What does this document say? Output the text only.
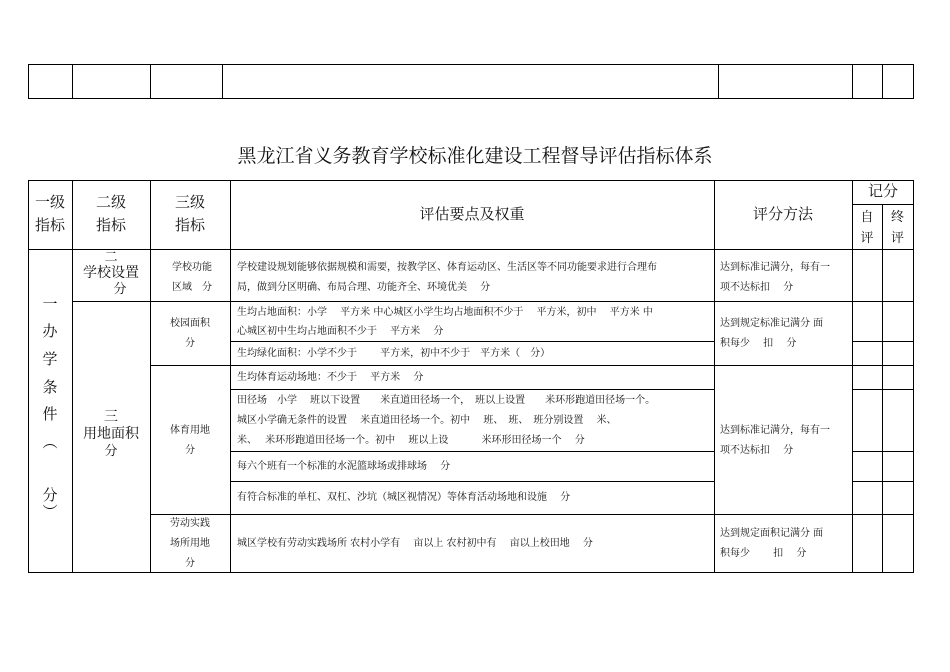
黑龙江省义务教育学校标准化建设工程督导评估指标体系
一级
指标
二级
指标
三级
指标
评估要点及权重	评分方法
记分
自
评
终
评
一
办
学
条
件
︵
分
︶
二
学校设置
分
三
用地面积
分
学校功能
区域　分
校园面积
分
体育用地
分
劳动实践
场所用地
分
学校建设规划能够依据规模和需要，按教学区、体育运动区、生活区等不同功能要求进行合理布
局，做到分区明确、布局合理、功能齐全、环境优美　 分
生均占地面积：小学　 平方米 中心城区小学生均占地面积不少于　 平方米，初中　 平方米 中
心城区初中生均占地面积不少于　 平方米　 分
生均绿化面积：小学不少于　　 平方米，初中不少于　平方米（　分）
生均体育运动场地：不少于　 平方米　 分
田径场　小学　 班以下设置　　米直道田径场一个，　班以上设置　　米环形跑道田径场一个。
城区小学确无条件的设置　 米直道田径场一个。初中　 班、　班、　班分别设置　 米、
米、　 米环形跑道田径场一个。初中　 班以上设　　　 米环形田径场一个　 分
每六个班有一个标准的水泥篮球场或排球场　 分
有符合标准的单杠、双杠、沙坑（城区视情况）等体育活动场地和设施　 分
城区学校有劳动实践场所 农村小学有　 亩以上 农村初中有　 亩以上校田地　 分
达到标准记满分，每有一
项不达标扣　 分
达到规定标准记满分 面
积每少　 扣　 分
达到标准记满分，每有一
项不达标扣　 分
达到规定面积记满分 面
积每少　　 扣　 分
